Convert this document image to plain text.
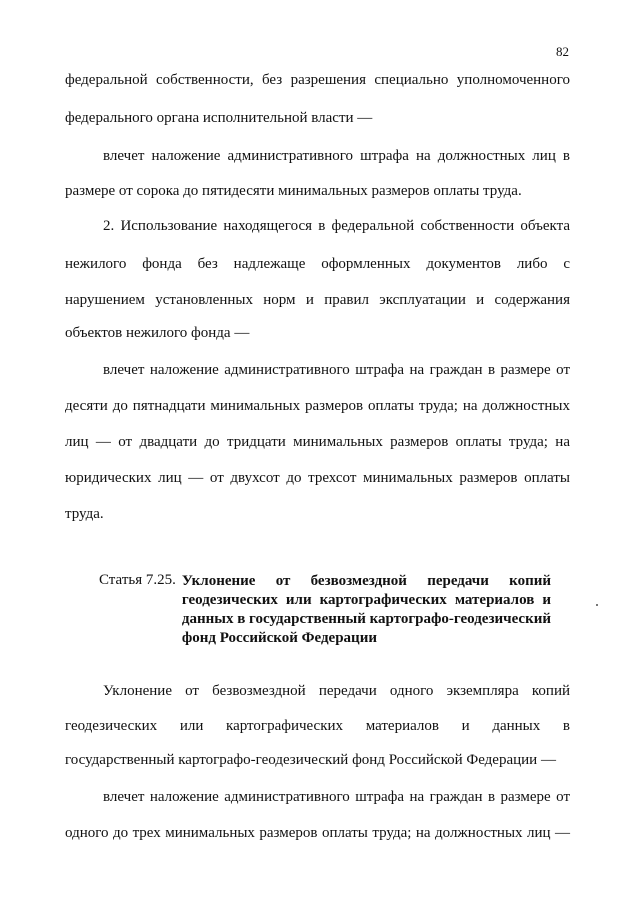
82
федеральной собственности, без разрешения специально уполномоченного
федерального органа исполнительной власти —
влечет наложение административного штрафа на должностных лиц в
размере от сорока до пятидесяти минимальных размеров оплаты труда.
2. Использование находящегося в федеральной собственности объекта
нежилого фонда без надлежаще оформленных документов либо с
нарушением установленных норм и правил эксплуатации и содержания
объектов нежилого фонда —
влечет наложение административного штрафа на граждан в размере от
десяти до пятнадцати минимальных размеров оплаты труда; на должностных
лиц — от двадцати до тридцати минимальных размеров оплаты труда; на
юридических лиц — от двухсот до трехсот минимальных размеров оплаты
труда.
Статья 7.25. Уклонение от безвозмездной передачи копий
геодезических или картографических материалов и
данных в государственный картографо-геодезический
фонд Российской Федерации
Уклонение от безвозмездной передачи одного экземпляра копий
геодезических или картографических материалов и данных в
государственный картографо-геодезический фонд Российской Федерации —
влечет наложение административного штрафа на граждан в размере от
одного до трех минимальных размеров оплаты труда; на должностных лиц —
